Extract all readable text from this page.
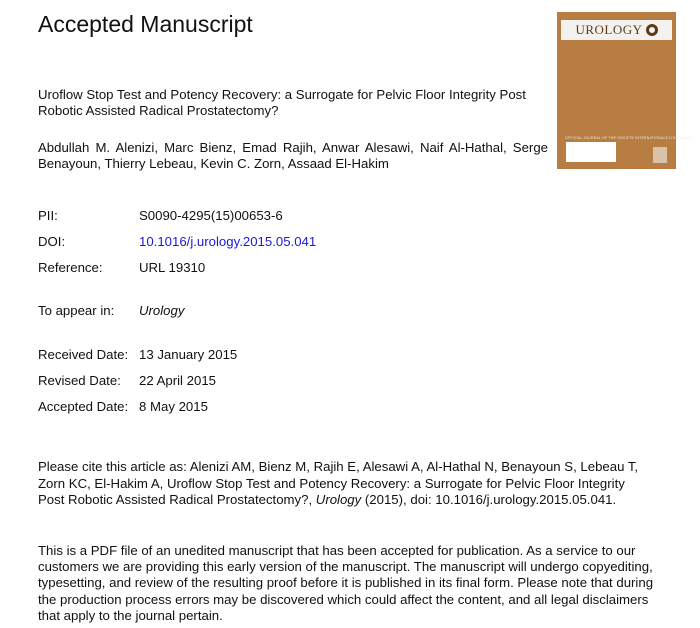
Accepted Manuscript	UROLOGY
OFFICIAL JOURNAL OF THE SOCIETE INTERNATIONALE D'UROLOGIE

Uroflow Stop Test and Potency Recovery: a Surrogate for Pelvic Floor Integrity Post Robotic Assisted Radical Prostatectomy?

Abdullah M. Alenizi, Marc Bienz, Emad Rajih, Anwar Alesawi, Naif Al-Hathal, Serge Benayoun, Thierry Lebeau, Kevin C. Zorn, Assaad El-Hakim

PII:	S0090-4295(15)00653-6
DOI:	10.1016/j.urology.2015.05.041
Reference:	URL 19310
To appear in: Urology
Received Date: 13 January 2015
Revised Date: 22 April 2015
Accepted Date: 8 May 2015

Please cite this article as: Alenizi AM, Bienz M, Rajih E, Alesawi A, Al-Hathal N, Benayoun S, Lebeau T, Zorn KC, El-Hakim A, Uroflow Stop Test and Potency Recovery: a Surrogate for Pelvic Floor Integrity Post Robotic Assisted Radical Prostatectomy?, Urology (2015), doi: 10.1016/j.urology.2015.05.041.

This is a PDF file of an unedited manuscript that has been accepted for publication. As a service to our customers we are providing this early version of the manuscript. The manuscript will undergo copyediting, typesetting, and review of the resulting proof before it is published in its final form. Please note that during the production process errors may be discovered which could affect the content, and all legal disclaimers that apply to the journal pertain.
